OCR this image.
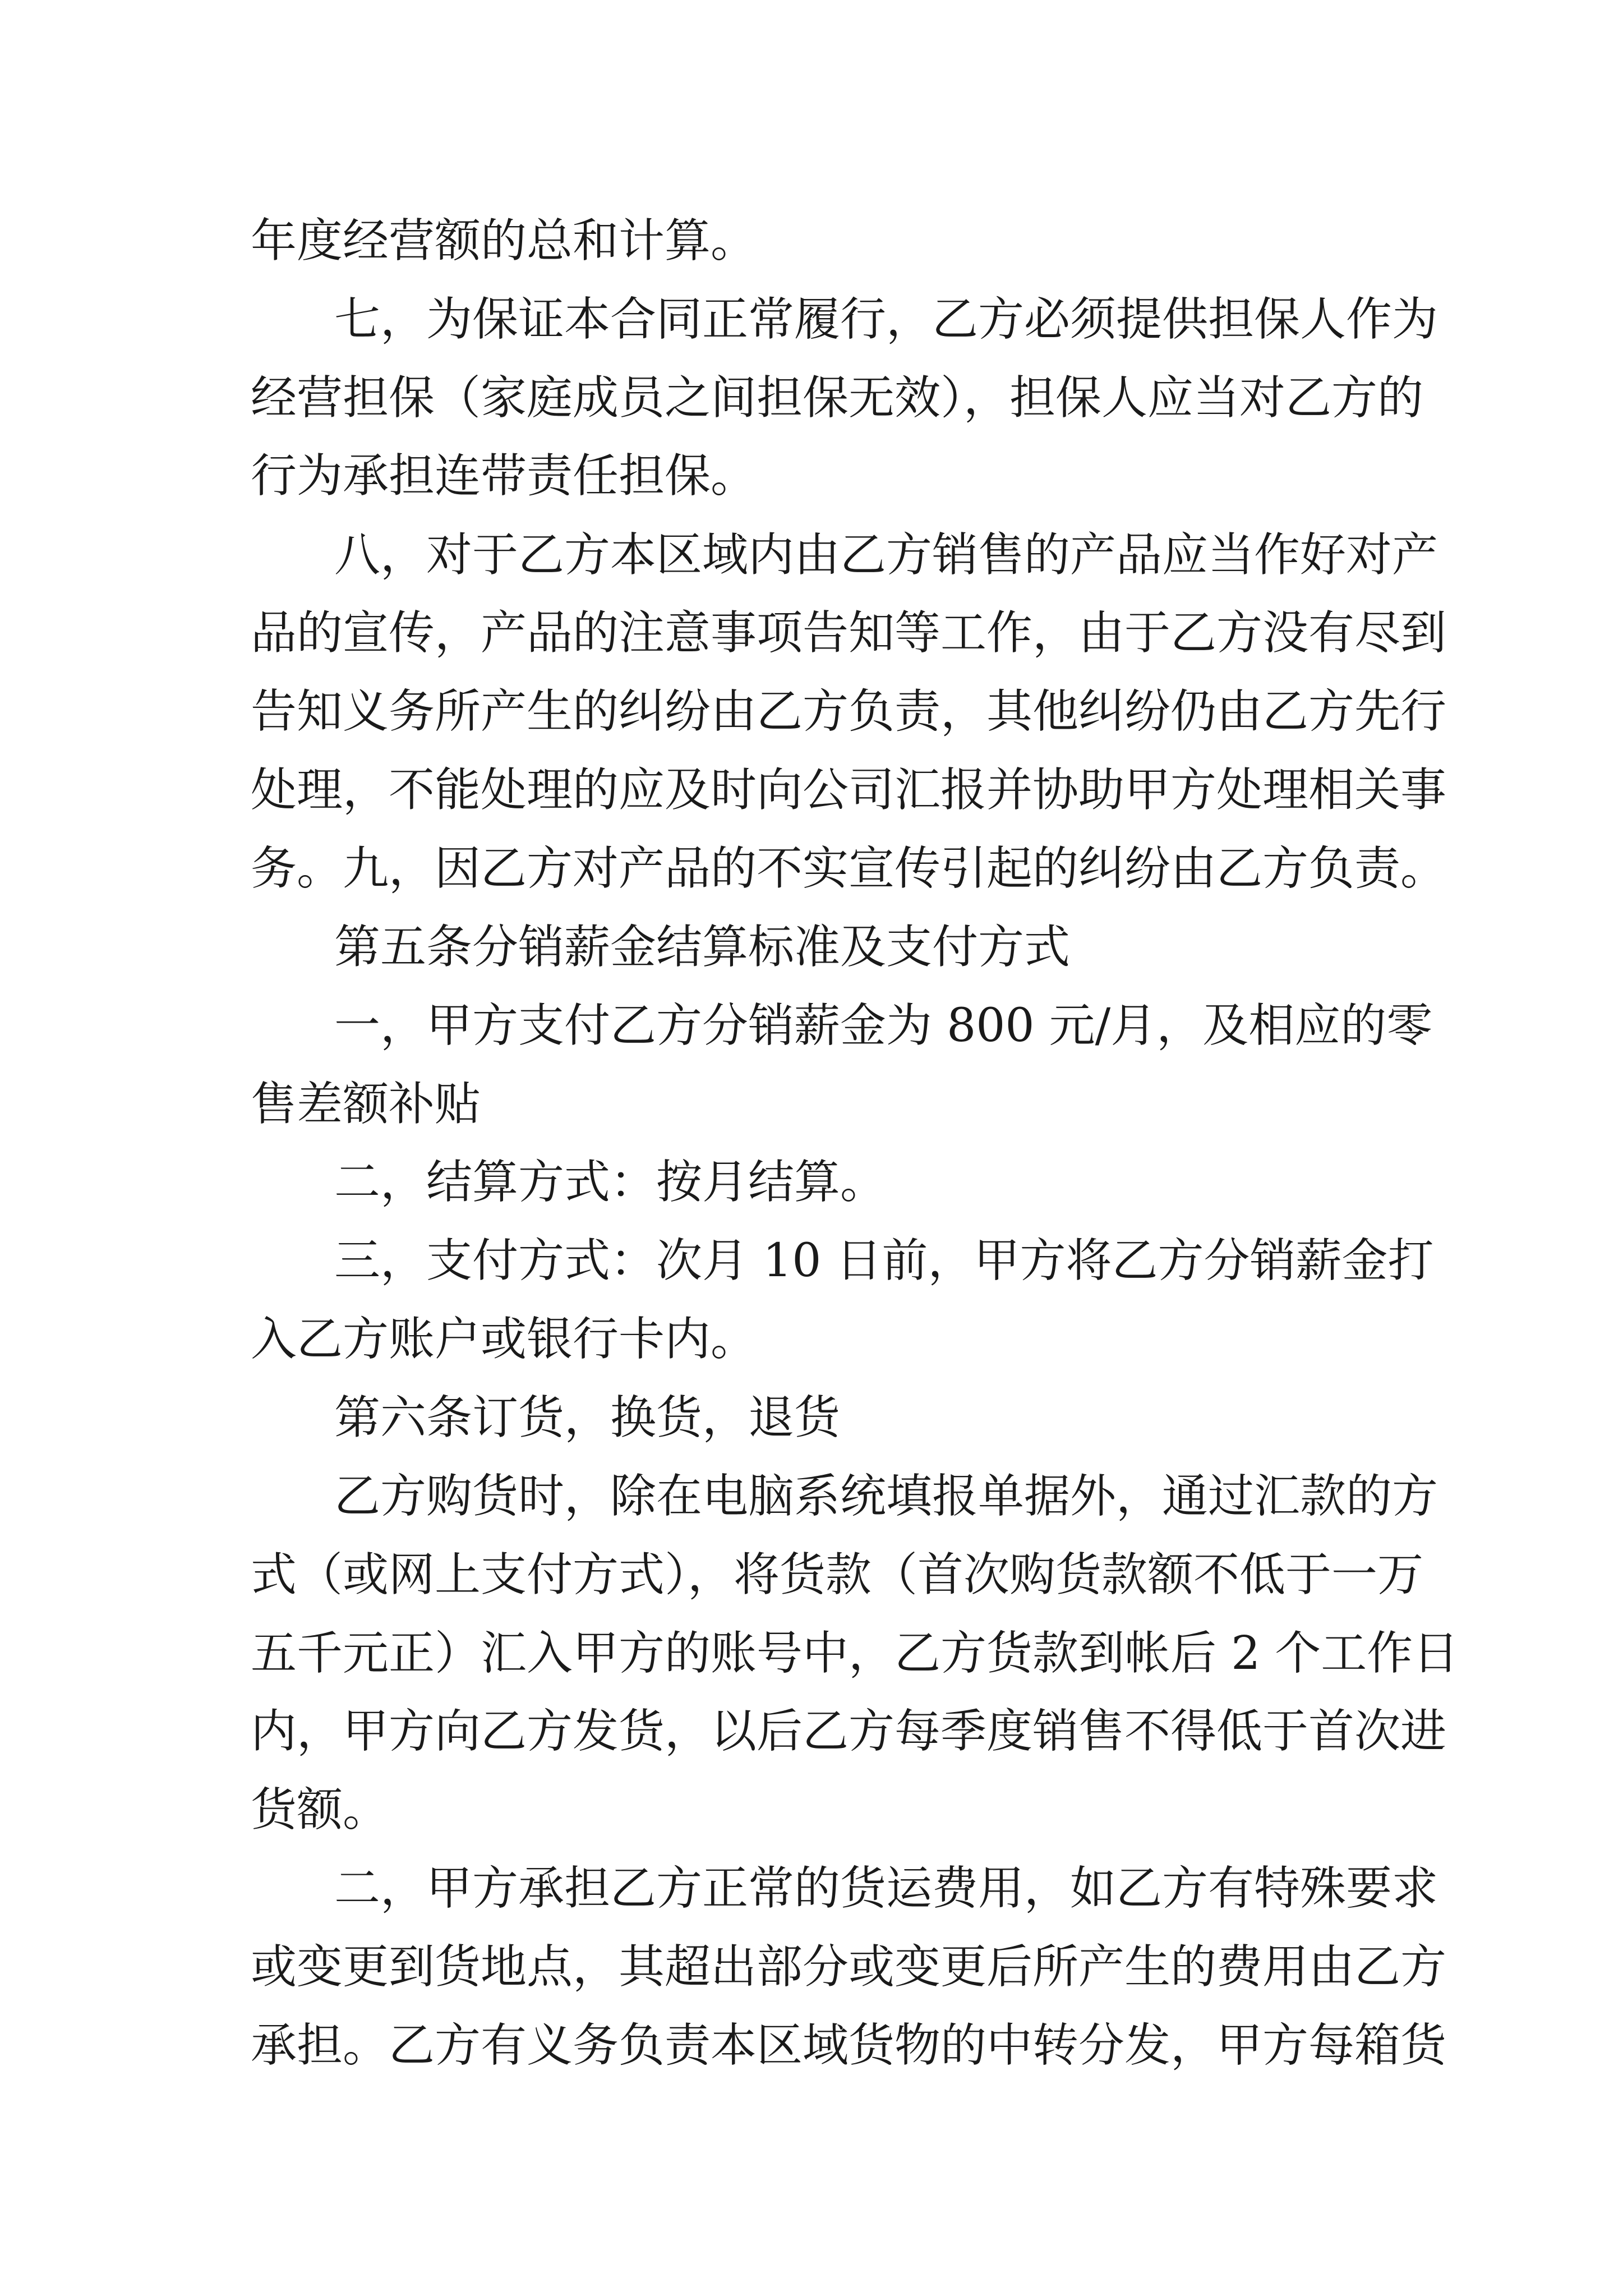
年度经营额的总和计算。

七，为保证本合同正常履行，乙方必须提供担保人作为

经营担保（家庭成员之间担保无效），担保人应当对乙方的

行为承担连带责任担保。

八，对于乙方本区域内由乙方销售的产品应当作好对产

品的宣传，产品的注意事项告知等工作，由于乙方没有尽到

告知义务所产生的纠纷由乙方负责，其他纠纷仍由乙方先行

处理，不能处理的应及时向公司汇报并协助甲方处理相关事

务。九，因乙方对产品的不实宣传引起的纠纷由乙方负责。

第五条分销薪金结算标准及支付方式

一，甲方支付乙方分销薪金为 800 元/月，及相应的零

售差额补贴

二，结算方式：按月结算。

三，支付方式：次月 10 日前，甲方将乙方分销薪金打

入乙方账户或银行卡内。

第六条订货，换货，退货

乙方购货时，除在电脑系统填报单据外，通过汇款的方

式（或网上支付方式），将货款（首次购货款额不低于一万

五千元正）汇入甲方的账号中，乙方货款到帐后 2 个工作日

内，甲方向乙方发货，以后乙方每季度销售不得低于首次进

货额。

二，甲方承担乙方正常的货运费用，如乙方有特殊要求

或变更到货地点，其超出部分或变更后所产生的费用由乙方

承担。乙方有义务负责本区域货物的中转分发，甲方每箱货
